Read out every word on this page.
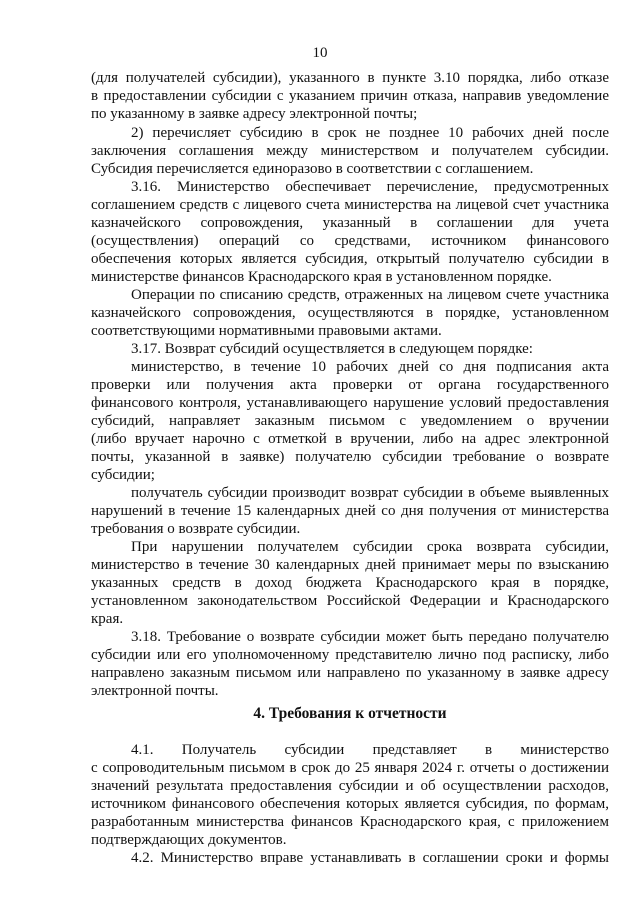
10
(для получателей субсидии), указанного в пункте 3.10 порядка, либо отказе
в предоставлении субсидии с указанием причин отказа, направив уведомление
по указанному в заявке адресу электронной почты;
2) перечисляет субсидию в срок не позднее 10 рабочих дней после
заключения соглашения между министерством и получателем субсидии.
Субсидия перечисляется единоразово в соответствии с соглашением.
3.16. Министерство обеспечивает перечисление, предусмотренных
соглашением средств с лицевого счета министерства на лицевой счет участника
казначейского сопровождения, указанный в соглашении для учета
(осуществления) операций со средствами, источником финансового
обеспечения которых является субсидия, открытый получателю субсидии в
министерстве финансов Краснодарского края в установленном порядке.
Операции по списанию средств, отраженных на лицевом счете участника
казначейского сопровождения, осуществляются в порядке, установленном
соответствующими нормативными правовыми актами.
3.17. Возврат субсидий осуществляется в следующем порядке:
министерство, в течение 10 рабочих дней со дня подписания акта
проверки или получения акта проверки от органа государственного
финансового контроля, устанавливающего нарушение условий предоставления
субсидий, направляет заказным письмом с уведомлением о вручении
(либо вручает нарочно с отметкой в вручении, либо на адрес электронной
почты, указанной в заявке) получателю субсидии требование о возврате
субсидии;
получатель субсидии производит возврат субсидии в объеме выявленных
нарушений в течение 15 календарных дней со дня получения от министерства
требования о возврате субсидии.
При нарушении получателем субсидии срока возврата субсидии,
министерство в течение 30 календарных дней принимает меры по взысканию
указанных средств в доход бюджета Краснодарского края в порядке,
установленном законодательством Российской Федерации и Краснодарского
края.
3.18. Требование о возврате субсидии может быть передано получателю
субсидии или его уполномоченному представителю лично под расписку, либо
направлено заказным письмом или направлено по указанному в заявке адресу
электронной почты.
4. Требования к отчетности
4.1. Получатель субсидии представляет в министерство
с сопроводительным письмом в срок до 25 января 2024 г. отчеты о достижении
значений результата предоставления субсидии и об осуществлении расходов,
источником финансового обеспечения которых является субсидия, по формам,
разработанным министерства финансов Краснодарского края, с приложением
подтверждающих документов.
4.2. Министерство вправе устанавливать в соглашении сроки и формы
